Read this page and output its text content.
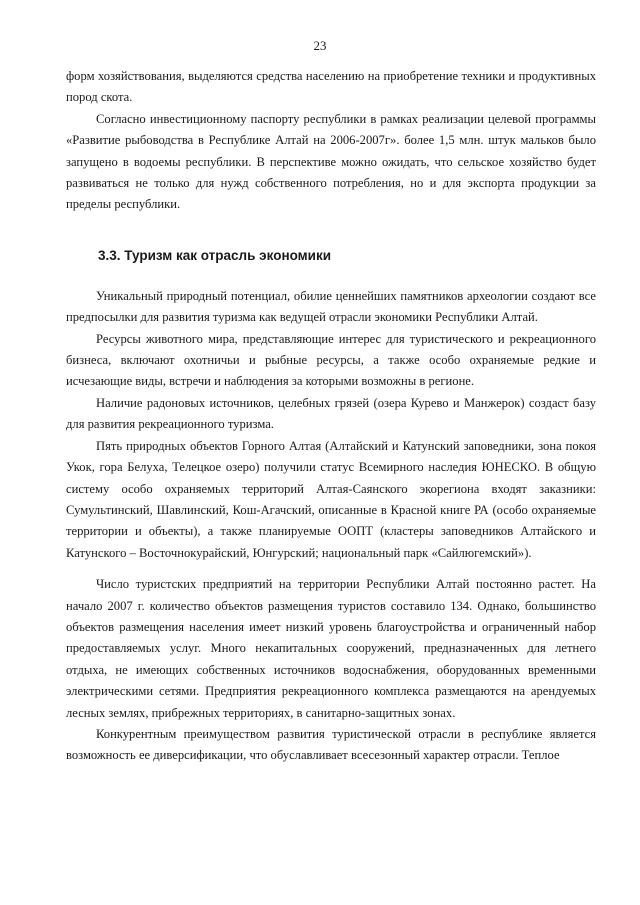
23

форм хозяйствования, выделяются средства населению на приобретение техники и продуктивных пород скота.

Согласно инвестиционному паспорту республики в рамках реализации целевой программы «Развитие рыбоводства в Республике Алтай на 2006-2007г». более 1,5 млн. штук мальков было запущено в водоемы республики. В перспективе можно ожидать, что сельское хозяйство будет развиваться не только для нужд собственного потребления, но и для экспорта продукции за пределы республики.

3.3. Туризм как отрасль экономики

Уникальный природный потенциал, обилие ценнейших памятников археологии создают все предпосылки для развития туризма как ведущей отрасли экономики Республики Алтай.

Ресурсы животного мира, представляющие интерес для туристического и рекреационного бизнеса, включают охотничьи и рыбные ресурсы, а также особо охраняемые редкие и исчезающие виды, встречи и наблюдения за которыми возможны в регионе.

Наличие радоновых источников, целебных грязей (озера Курево и Манжерок) создаст базу для развития рекреационного туризма.

Пять природных объектов Горного Алтая (Алтайский и Катунский заповедники, зона покоя Укок, гора Белуха, Телецкое озеро) получили статус Всемирного наследия ЮНЕСКО. В общую систему особо охраняемых территорий Алтая-Саянского экорегиона входят заказники: Сумультинский, Шавлинский, Кош-Агачский, описанные в Красной книге РА (особо охраняемые территории и объекты), а также планируемые ООПТ (кластеры заповедников Алтайского и Катунского – Восточнокурайский, Юнгурский; национальный парк «Сайлюгемский»).

Число туристских предприятий на территории Республики Алтай постоянно растет. На начало 2007 г. количество объектов размещения туристов составило 134. Однако, большинство объектов размещения населения имеет низкий уровень благоустройства и ограниченный набор предоставляемых услуг. Много некапитальных сооружений, предназначенных для летнего отдыха, не имеющих собственных источников водоснабжения, оборудованных временными электрическими сетями. Предприятия рекреационного комплекса размещаются на арендуемых лесных землях, прибрежных территориях, в санитарно-защитных зонах.

Конкурентным преимуществом развития туристической отрасли в республике является возможность ее диверсификации, что обуславливает всесезонный характер отрасли. Теплое
